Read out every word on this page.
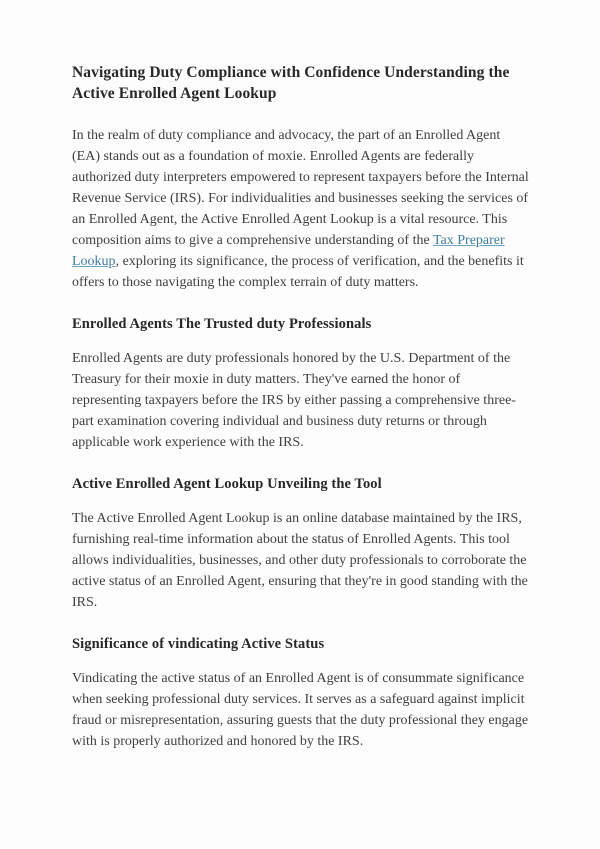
Navigating Duty Compliance with Confidence Understanding the Active Enrolled Agent Lookup

In the realm of duty compliance and advocacy, the part of an Enrolled Agent (EA) stands out as a foundation of moxie. Enrolled Agents are federally authorized duty interpreters empowered to represent taxpayers before the Internal Revenue Service (IRS). For individualities and businesses seeking the services of an Enrolled Agent, the Active Enrolled Agent Lookup is a vital resource. This composition aims to give a comprehensive understanding of the Tax Preparer Lookup, exploring its significance, the process of verification, and the benefits it offers to those navigating the complex terrain of duty matters.

Enrolled Agents The Trusted duty Professionals

Enrolled Agents are duty professionals honored by the U.S. Department of the Treasury for their moxie in duty matters. They've earned the honor of representing taxpayers before the IRS by either passing a comprehensive three-part examination covering individual and business duty returns or through applicable work experience with the IRS.

Active Enrolled Agent Lookup Unveiling the Tool

The Active Enrolled Agent Lookup is an online database maintained by the IRS, furnishing real-time information about the status of Enrolled Agents. This tool allows individualities, businesses, and other duty professionals to corroborate the active status of an Enrolled Agent, ensuring that they're in good standing with the IRS.

Significance of vindicating Active Status

Vindicating the active status of an Enrolled Agent is of consummate significance when seeking professional duty services. It serves as a safeguard against implicit fraud or misrepresentation, assuring guests that the duty professional they engage with is properly authorized and honored by the IRS.
